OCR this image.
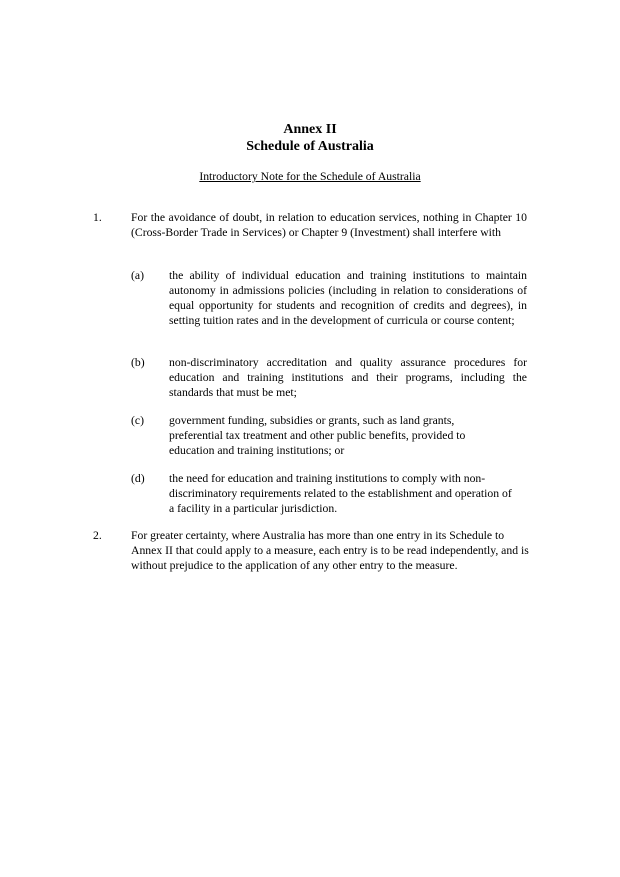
Annex II
Schedule of Australia
Introductory Note for the Schedule of Australia
1. For the avoidance of doubt, in relation to education services, nothing in Chapter 10 (Cross-Border Trade in Services) or Chapter 9 (Investment) shall interfere with
(a) the ability of individual education and training institutions to maintain autonomy in admissions policies (including in relation to considerations of equal opportunity for students and recognition of credits and degrees), in setting tuition rates and in the development of curricula or course content;
(b) non-discriminatory accreditation and quality assurance procedures for education and training institutions and their programs, including the standards that must be met;
(c) government funding, subsidies or grants, such as land grants, preferential tax treatment and other public benefits, provided to education and training institutions; or
(d) the need for education and training institutions to comply with non-discriminatory requirements related to the establishment and operation of a facility in a particular jurisdiction.
2. For greater certainty, where Australia has more than one entry in its Schedule to Annex II that could apply to a measure, each entry is to be read independently, and is without prejudice to the application of any other entry to the measure.
